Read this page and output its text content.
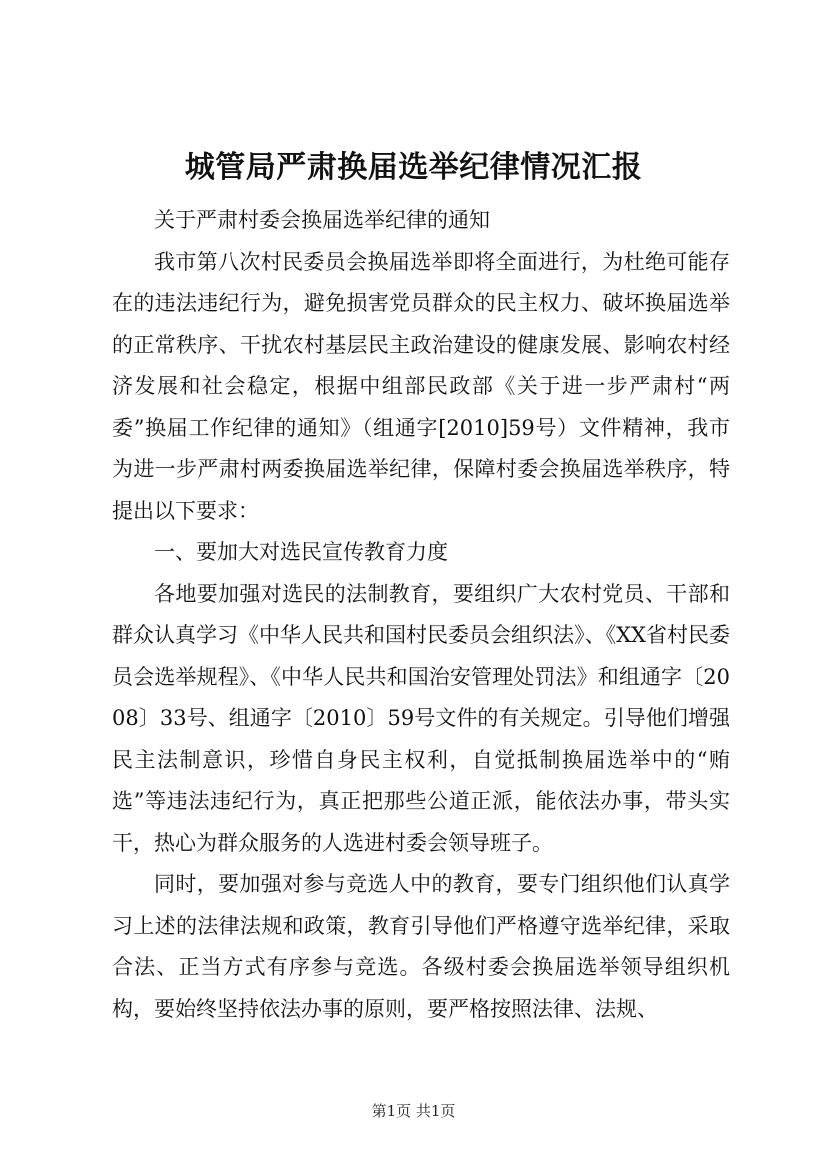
城管局严肃换届选举纪律情况汇报

关于严肃村委会换届选举纪律的通知

我市第八次村民委员会换届选举即将全面进行，为杜绝可能存在的违法违纪行为，避免损害党员群众的民主权力、破坏换届选举的正常秩序、干扰农村基层民主政治建设的健康发展、影响农村经济发展和社会稳定，根据中组部民政部《关于进一步严肃村“两委”换届工作纪律的通知》（组通字[2010]59号）文件精神，我市为进一步严肃村两委换届选举纪律，保障村委会换届选举秩序，特提出以下要求：

一、要加大对选民宣传教育力度

各地要加强对选民的法制教育，要组织广大农村党员、干部和群众认真学习《中华人民共和国村民委员会组织法》、《XX省村民委员会选举规程》、《中华人民共和国治安管理处罚法》和组通字〔2008〕33号、组通字〔2010〕59号文件的有关规定。引导他们增强民主法制意识，珍惜自身民主权利，自觉抵制换届选举中的“贿选”等违法违纪行为，真正把那些公道正派，能依法办事，带头实干，热心为群众服务的人选进村委会领导班子。

同时，要加强对参与竞选人中的教育，要专门组织他们认真学习上述的法律法规和政策，教育引导他们严格遵守选举纪律，采取合法、正当方式有序参与竞选。各级村委会换届选举领导组织机构，要始终坚持依法办事的原则，要严格按照法律、法规、

第1页 共1页
